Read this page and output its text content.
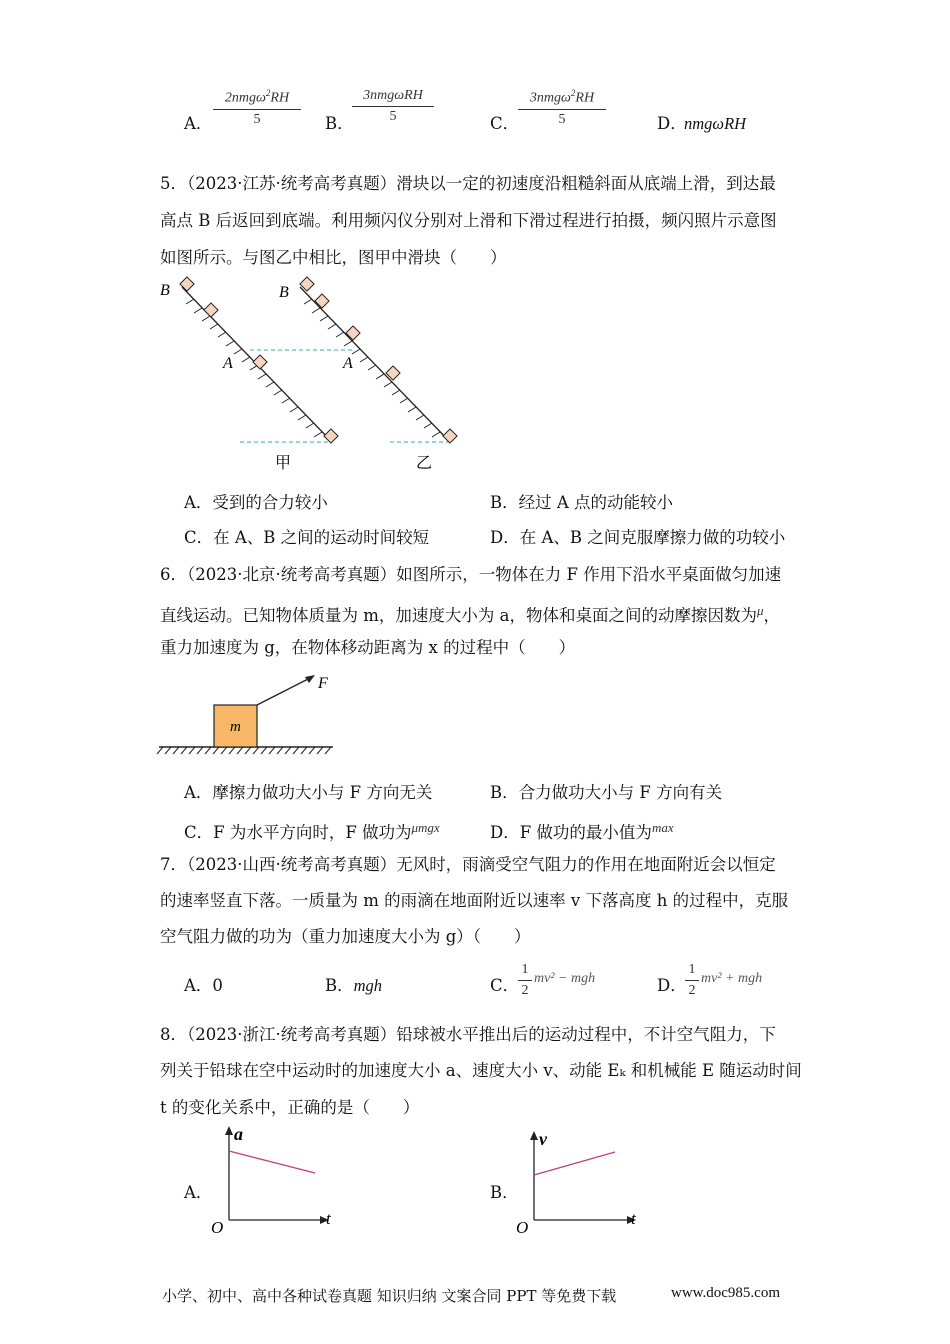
A．
2nmgω$^2$RH
5	B．
3nmgωRH
5	C．
3nmgω$^2$RH
5	D．
nmgωRH
5．（2023·江苏·统考高考真题）滑块以一定的初速度沿粗糙斜面从底端上滑，到达最
高点 B 后返回到底端。利用频闪仪分别对上滑和下滑过程进行拍摄，频闪照片示意图
如图所示。与图乙中相比，图甲中滑块（　　）
B	B
A	A
甲	乙
A．受到的合力较小	B．经过 A 点的动能较小
C．在 A、B 之间的运动时间较短	D．在 A、B 之间克服摩擦力做的功较小
6．（2023·北京·统考高考真题）如图所示，一物体在力 F 作用下沿水平桌面做匀加速
直线运动。已知物体质量为 m，加速度大小为 a，物体和桌面之间的动摩擦因数为$^\mu$，
重力加速度为 g，在物体移动距离为 x 的过程中（　　）
m
F
A．摩擦力做功大小与 F 方向无关	B．合力做功大小与 F 方向有关
C．F 为水平方向时，F 做功为$^{\mu mgx}$	D．F 做功的最小值为$^{max}$
7．（2023·山西·统考高考真题）无风时，雨滴受空气阻力的作用在地面附近会以恒定
的速率竖直下落。一质量为 m 的雨滴在地面附近以速率 v 下落高度 h 的过程中，克服
空气阻力做的功为（重力加速度大小为 g）（　　）
A．0	B．mgh	C．
$\frac{1}{2} mv^2$ − mgh	D．
$\frac{1}{2} mv^2$ + mgh
8．（2023·浙江·统考高考真题）铅球被水平推出后的运动过程中，不计空气阻力，下
列关于铅球在空中运动时的加速度大小 a、速度大小 v、动能 Eₖ 和机械能 E 随运动时间
t 的变化关系中，正确的是（　　）
A．
a
t
O
B．
v
t
O
小学、初中、高中各种试卷真题 知识归纳 文案合同 PPT 等免费下载	www.doc985.com
